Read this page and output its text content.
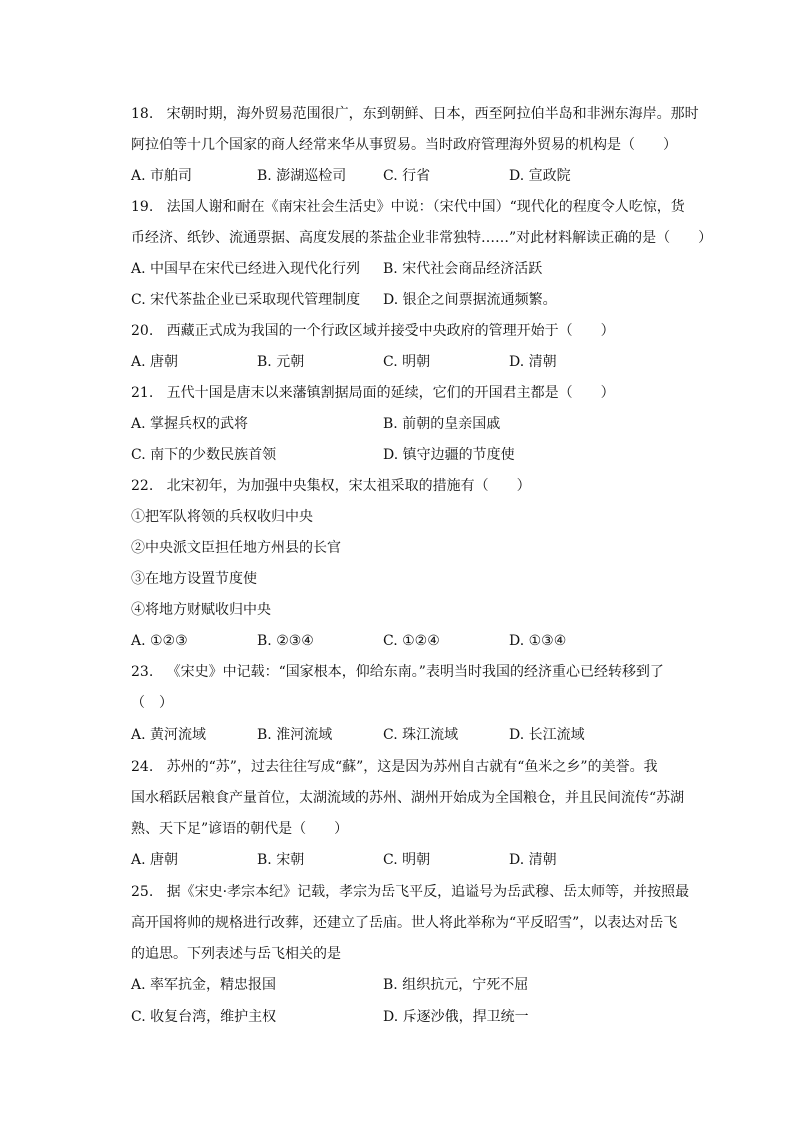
18. 宋朝时期，海外贸易范围很广，东到朝鲜、日本，西至阿拉伯半岛和非洲东海岸。那时
阿拉伯等十几个国家的商人经常来华从事贸易。当时政府管理海外贸易的机构是（　　）
A. 市舶司	B. 澎湖巡检司	C. 行省	D. 宣政院
19. 法国人谢和耐在《南宋社会生活史》中说：（宋代中国）“现代化的程度令人吃惊，货
币经济、纸钞、流通票据、高度发展的茶盐企业非常独特……”对此材料解读正确的是（　　）
A. 中国早在宋代已经进入现代化行列 B. 宋代社会商品经济活跃
C. 宋代茶盐企业已采取现代管理制度 D. 银企之间票据流通频繁。
20. 西藏正式成为我国的一个行政区域并接受中央政府的管理开始于（　　）
A. 唐朝	B. 元朝	C. 明朝	D. 清朝
21. 五代十国是唐末以来藩镇割据局面的延续，它们的开国君主都是（　　）
A. 掌握兵权的武将	B. 前朝的皇亲国戚
C. 南下的少数民族首领	D. 镇守边疆的节度使
22. 北宋初年，为加强中央集权，宋太祖采取的措施有（　　）
①把军队将领的兵权收归中央
②中央派文臣担任地方州县的长官
③在地方设置节度使
④将地方财赋收归中央
A. ①②③	B. ②③④	C. ①②④	D. ①③④
23. 《宋史》中记载：“国家根本，仰给东南。”表明当时我国的经济重心已经转移到了
（　）
A. 黄河流域	B. 淮河流域	C. 珠江流域	D. 长江流域
24. 苏州的“苏”，过去往往写成“蘇”，这是因为苏州自古就有“鱼米之乡”的美誉。我
国水稻跃居粮食产量首位，太湖流域的苏州、湖州开始成为全国粮仓，并且民间流传“苏湖
熟、天下足”谚语的朝代是（　　）
A. 唐朝	B. 宋朝	C. 明朝	D. 清朝
25. 据《宋史·孝宗本纪》记载，孝宗为岳飞平反，追谥号为岳武穆、岳太师等，并按照最
高开国将帅的规格进行改葬，还建立了岳庙。世人将此举称为“平反昭雪”，以表达对岳飞
的追思。下列表述与岳飞相关的是
A. 率军抗金，精忠报国	B. 组织抗元，宁死不屈
C. 收复台湾，维护主权	D. 斥逐沙俄，捍卫统一
